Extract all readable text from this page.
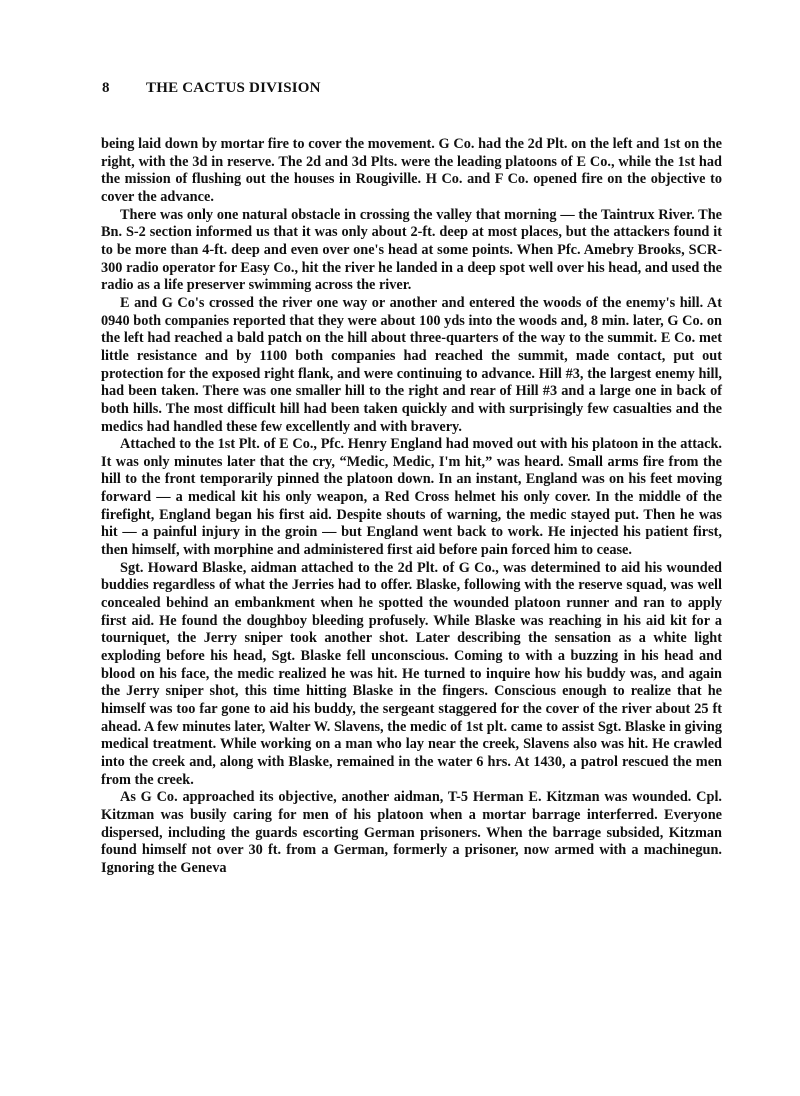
8 THE CACTUS DIVISION

being laid down by mortar fire to cover the movement. G Co. had the 2d Plt. on the left and 1st on the right, with the 3d in reserve. The 2d and 3d Plts. were the leading platoons of E Co., while the 1st had the mission of flushing out the houses in Rougiville. H Co. and F Co. opened fire on the objective to cover the advance.

There was only one natural obstacle in crossing the valley that morning — the Taintrux River. The Bn. S-2 section informed us that it was only about 2-ft. deep at most places, but the attackers found it to be more than 4-ft. deep and even over one's head at some points. When Pfc. Amebry Brooks, SCR-300 radio operator for Easy Co., hit the river he landed in a deep spot well over his head, and used the radio as a life preserver swimming across the river.

E and G Co's crossed the river one way or another and entered the woods of the enemy's hill. At 0940 both companies reported that they were about 100 yds into the woods and, 8 min. later, G Co. on the left had reached a bald patch on the hill about three-quarters of the way to the summit. E Co. met little resistance and by 1100 both companies had reached the summit, made contact, put out protection for the exposed right flank, and were continuing to advance. Hill #3, the largest enemy hill, had been taken. There was one smaller hill to the right and rear of Hill #3 and a large one in back of both hills. The most difficult hill had been taken quickly and with surprisingly few casualties and the medics had handled these few excellently and with bravery.

Attached to the 1st Plt. of E Co., Pfc. Henry England had moved out with his platoon in the attack. It was only minutes later that the cry, “Medic, Medic, I'm hit,” was heard. Small arms fire from the hill to the front temporarily pinned the platoon down. In an instant, England was on his feet moving forward — a medical kit his only weapon, a Red Cross helmet his only cover. In the middle of the firefight, England began his first aid. Despite shouts of warning, the medic stayed put. Then he was hit — a painful injury in the groin — but England went back to work. He injected his patient first, then himself, with morphine and administered first aid before pain forced him to cease.

Sgt. Howard Blaske, aidman attached to the 2d Plt. of G Co., was determined to aid his wounded buddies regardless of what the Jerries had to offer. Blaske, following with the reserve squad, was well concealed behind an embankment when he spotted the wounded platoon runner and ran to apply first aid. He found the doughboy bleeding profusely. While Blaske was reaching in his aid kit for a tourniquet, the Jerry sniper took another shot. Later describing the sensation as a white light exploding before his head, Sgt. Blaske fell unconscious. Coming to with a buzzing in his head and blood on his face, the medic realized he was hit. He turned to inquire how his buddy was, and again the Jerry sniper shot, this time hitting Blaske in the fingers. Conscious enough to realize that he himself was too far gone to aid his buddy, the sergeant staggered for the cover of the river about 25 ft ahead. A few minutes later, Walter W. Slavens, the medic of 1st plt. came to assist Sgt. Blaske in giving medical treatment. While working on a man who lay near the creek, Slavens also was hit. He crawled into the creek and, along with Blaske, remained in the water 6 hrs. At 1430, a patrol rescued the men from the creek.

As G Co. approached its objective, another aidman, T-5 Herman E. Kitzman was wounded. Cpl. Kitzman was busily caring for men of his platoon when a mortar barrage interferred. Everyone dispersed, including the guards escorting German prisoners. When the barrage subsided, Kitzman found himself not over 30 ft. from a German, formerly a prisoner, now armed with a machinegun. Ignoring the Geneva
